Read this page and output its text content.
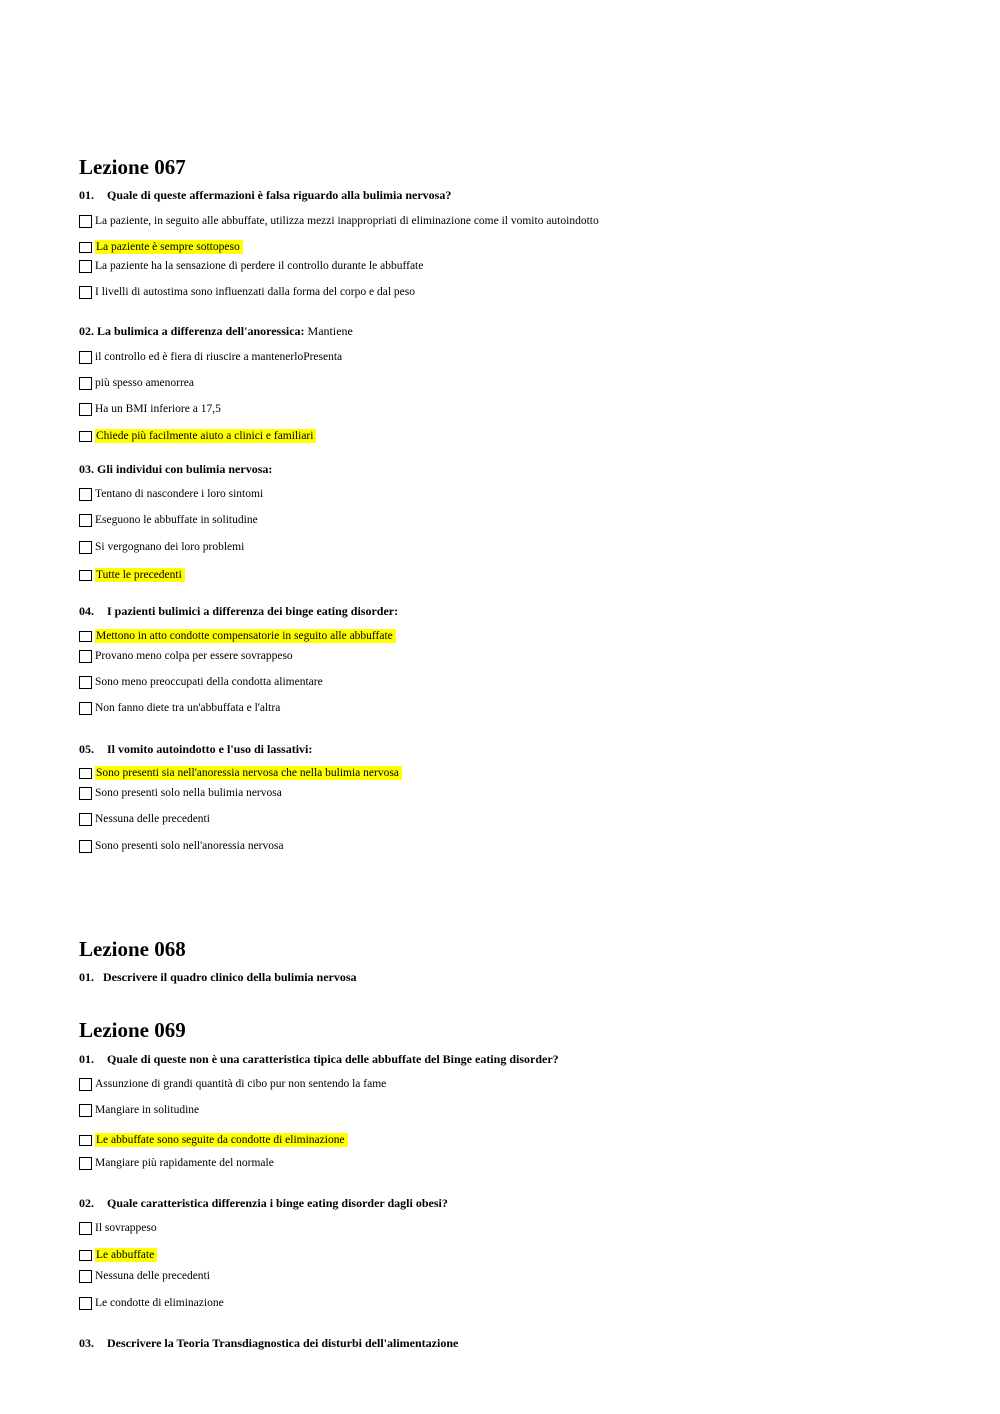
Lezione 067
01. Quale di queste affermazioni è falsa riguardo alla bulimia nervosa?
La paziente, in seguito alle abbuffate, utilizza mezzi inappropriati di eliminazione come il vomito autoindotto
La paziente è sempre sottopeso
La paziente ha la sensazione di perdere il controllo durante le abbuffate
I livelli di autostima sono influenzati dalla forma del corpo e dal peso
02. La bulimica a differenza dell'anoressica: Mantiene
il controllo ed è fiera di riuscire a mantenerloPresenta
più spesso amenorrea
Ha un BMI inferiore a 17,5
Chiede più facilmente aiuto a clinici e familiari
03. Gli individui con bulimia nervosa:
Tentano di nascondere i loro sintomi
Eseguono le abbuffate in solitudine
Si vergognano dei loro problemi
Tutte le precedenti
04. I pazienti bulimici a differenza dei binge eating disorder:
Mettono in atto condotte compensatorie in seguito alle abbuffate
Provano meno colpa per essere sovrappeso
Sono meno preoccupati della condotta alimentare
Non fanno diete tra un'abbuffata e l'altra
05. Il vomito autoindotto e l'uso di lassativi:
Sono presenti sia nell'anoressia nervosa che nella bulimia nervosa
Sono presenti solo nella bulimia nervosa
Nessuna delle precedenti
Sono presenti solo nell'anoressia nervosa
Lezione 068
01. Descrivere il quadro clinico della bulimia nervosa
Lezione 069
01. Quale di queste non è una caratteristica tipica delle abbuffate del Binge eating disorder?
Assunzione di grandi quantità di cibo pur non sentendo la fame
Mangiare in solitudine
Le abbuffate sono seguite da condotte di eliminazione
Mangiare più rapidamente del normale
02. Quale caratteristica differenzia i binge eating disorder dagli obesi?
Il sovrappeso
Le abbuffate
Nessuna delle precedenti
Le condotte di eliminazione
03. Descrivere la Teoria Transdiagnostica dei disturbi dell'alimentazione
